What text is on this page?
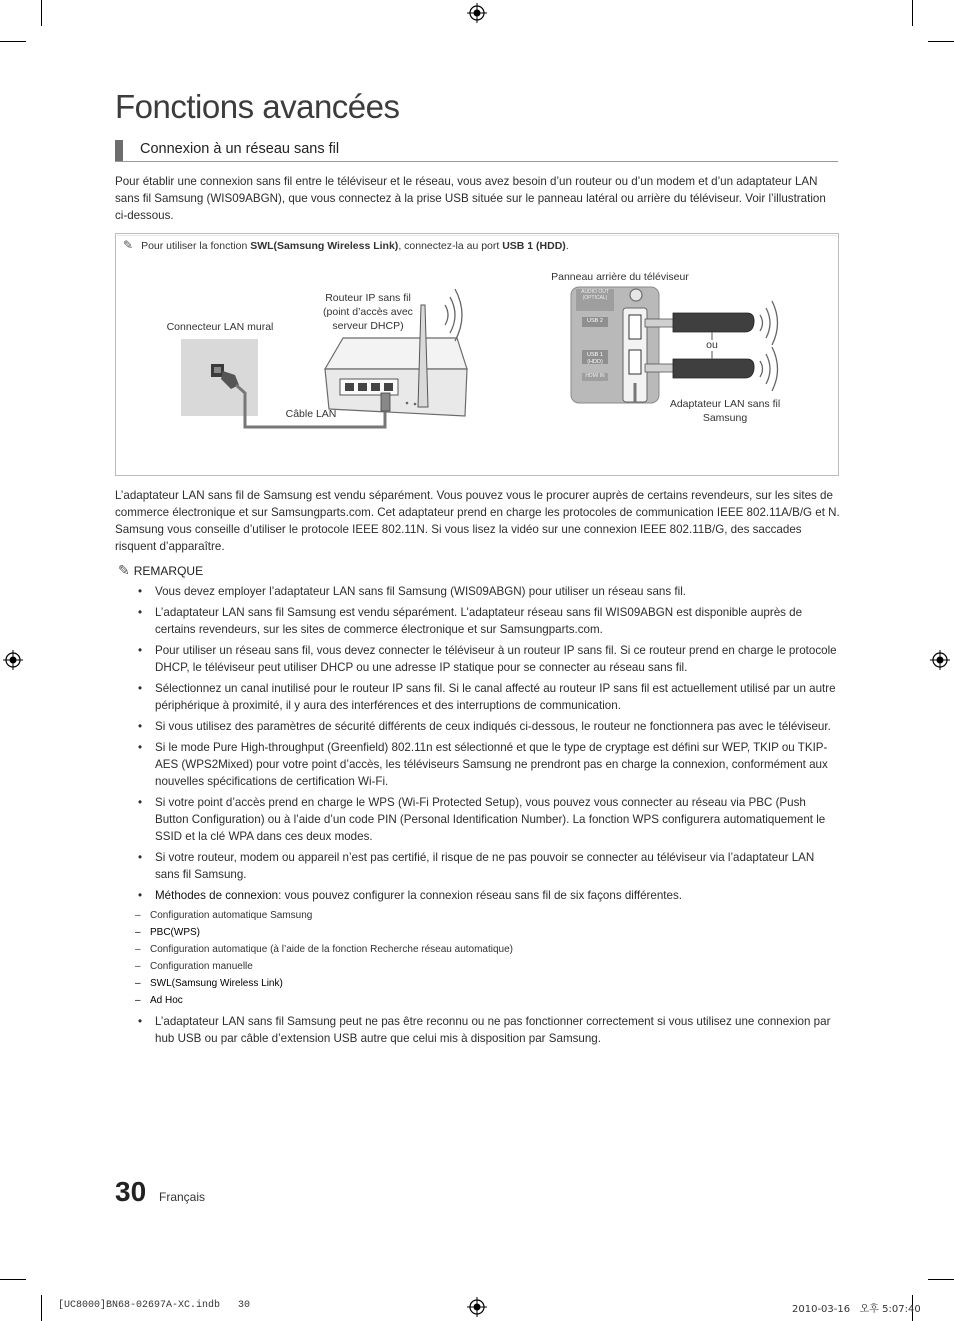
Fonctions avancées
Connexion à un réseau sans fil
Pour établir une connexion sans fil entre le téléviseur et le réseau, vous avez besoin d’un routeur ou d’un modem et d’un adaptateur LAN sans fil Samsung (WIS09ABGN), que vous connectez à la prise USB située sur le panneau latéral ou arrière du téléviseur. Voir l’illustration ci-dessous.
✎ Pour utiliser la fonction SWL(Samsung Wireless Link), connectez-la au port USB 1 (HDD).
Connecteur LAN mural
Routeur IP sans fil (point d’accès avec serveur DHCP)
Câble LAN
Panneau arrière du téléviseur
ou
Adaptateur LAN sans fil Samsung
AUDIO OUT (OPTICAL)
USB 2
USB 1 (HDD)
HDMI IN
L’adaptateur LAN sans fil de Samsung est vendu séparément. Vous pouvez vous le procurer auprès de certains revendeurs, sur les sites de commerce électronique et sur Samsungparts.com. Cet adaptateur prend en charge les protocoles de communication IEEE 802.11A/B/G et N. Samsung vous conseille d’utiliser le protocole IEEE 802.11N. Si vous lisez la vidéo sur une connexion IEEE 802.11B/G, des saccades risquent d’apparaître.
✎ REMARQUE
• Vous devez employer l’adaptateur LAN sans fil Samsung (WIS09ABGN) pour utiliser un réseau sans fil.
• L’adaptateur LAN sans fil Samsung est vendu séparément. L’adaptateur réseau sans fil WIS09ABGN est disponible auprès de certains revendeurs, sur les sites de commerce électronique et sur Samsungparts.com.
• Pour utiliser un réseau sans fil, vous devez connecter le téléviseur à un routeur IP sans fil. Si ce routeur prend en charge le protocole DHCP, le téléviseur peut utiliser DHCP ou une adresse IP statique pour se connecter au réseau sans fil.
• Sélectionnez un canal inutilisé pour le routeur IP sans fil. Si le canal affecté au routeur IP sans fil est actuellement utilisé par un autre périphérique à proximité, il y aura des interférences et des interruptions de communication.
• Si vous utilisez des paramètres de sécurité différents de ceux indiqués ci-dessous, le routeur ne fonctionnera pas avec le téléviseur.
• Si le mode Pure High-throughput (Greenfield) 802.11n est sélectionné et que le type de cryptage est défini sur WEP, TKIP ou TKIP-AES (WPS2Mixed) pour votre point d’accès, les téléviseurs Samsung ne prendront pas en charge la connexion, conformément aux nouvelles spécifications de certification Wi-Fi.
• Si votre point d’accès prend en charge le WPS (Wi-Fi Protected Setup), vous pouvez vous connecter au réseau via PBC (Push Button Configuration) ou à l’aide d’un code PIN (Personal Identification Number). La fonction WPS configurera automatiquement le SSID et la clé WPA dans ces deux modes.
• Si votre routeur, modem ou appareil n’est pas certifié, il risque de ne pas pouvoir se connecter au téléviseur via l’adaptateur LAN sans fil Samsung.
• Méthodes de connexion: vous pouvez configurer la connexion réseau sans fil de six façons différentes.
– Configuration automatique Samsung
– PBC(WPS)
– Configuration automatique (à l’aide de la fonction Recherche réseau automatique)
– Configuration manuelle
– SWL(Samsung Wireless Link)
– Ad Hoc
• L’adaptateur LAN sans fil Samsung peut ne pas être reconnu ou ne pas fonctionner correctement si vous utilisez une connexion par hub USB ou par câble d’extension USB autre que celui mis à disposition par Samsung.
30 Français
[UC8000]BN68-02697A-XC.indb   30	2010-03-16   오후 5:07:40
